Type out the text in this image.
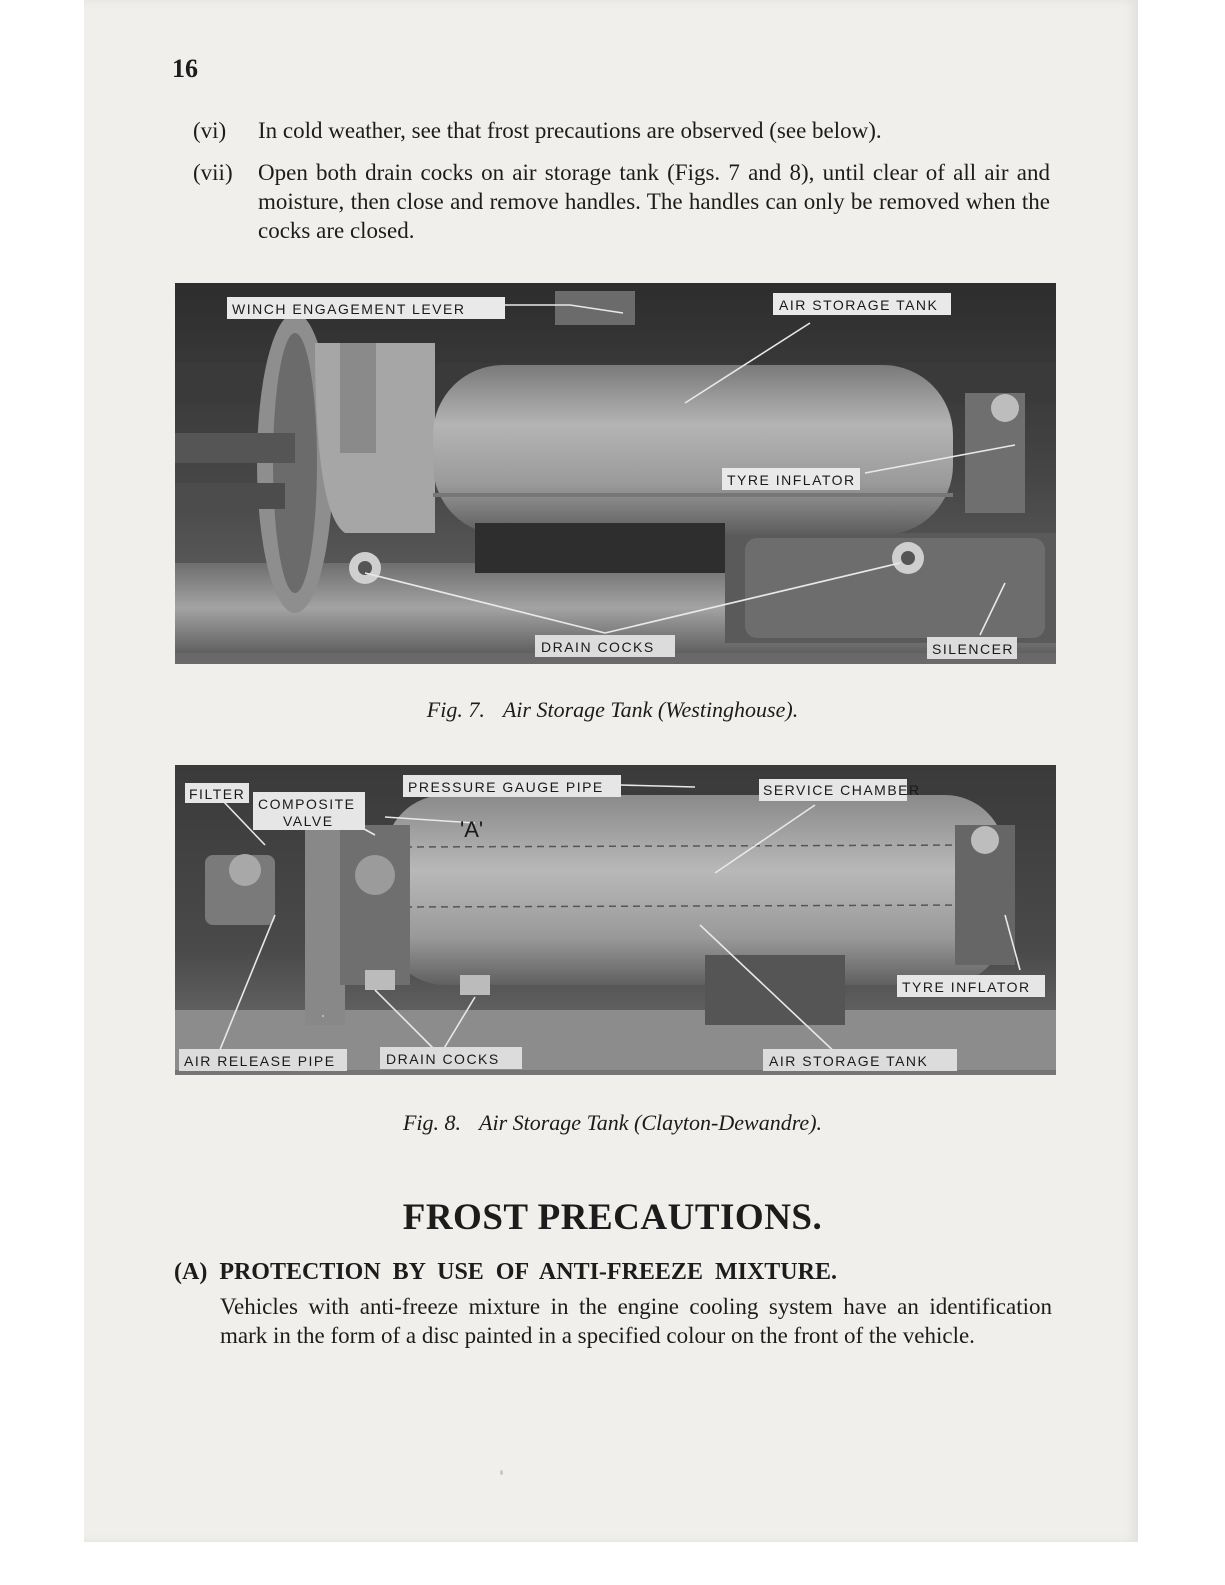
16
(vi) In cold weather, see that frost precautions are observed (see below).
(vii) Open both drain cocks on air storage tank (Figs. 7 and 8), until clear of all air and moisture, then close and remove handles. The handles can only be removed when the cocks are closed.
WINCH ENGAGEMENT LEVER	AIR STORAGE TANK
TYRE INFLATOR
DRAIN COCKS	SILENCER
Fig. 7. Air Storage Tank (Westinghouse).
FILTER
COMPOSITE
VALVE
PRESSURE GAUGE PIPE
'A'
SERVICE CHAMBER
TYRE INFLATOR
AIR RELEASE PIPE	DRAIN COCKS	AIR STORAGE TANK
Fig. 8. Air Storage Tank (Clayton-Dewandre).
FROST PRECAUTIONS.
(A) PROTECTION BY USE OF ANTI-FREEZE MIXTURE.
Vehicles with anti-freeze mixture in the engine cooling system have an identification mark in the form of a disc painted in a specified colour on the front of the vehicle.
